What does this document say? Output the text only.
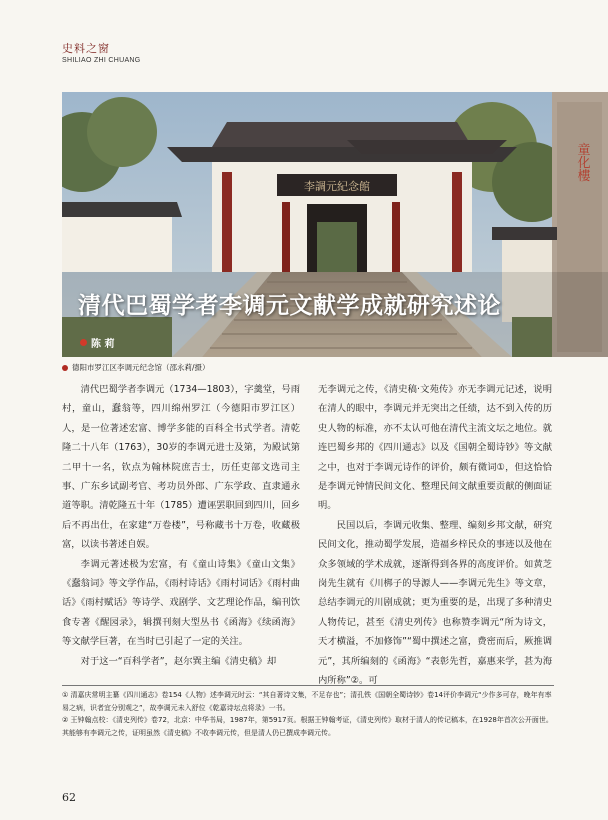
史料之窗
SHILIAO ZHI CHUANG
李調元紀念館
童化樓
清代巴蜀学者李调元文献学成就研究述论
陈 莉
德阳市罗江区李调元纪念馆（邵永莉/摄）

清代巴蜀学者李调元（1734—1803），字羹堂，号雨村，童山，蠢翁等，四川绵州罗江（今德阳市罗江区）人，是一位著述宏富、博学多能的百科全书式学者。清乾隆二十八年（1763），30岁的李调元进士及第，为殿试第二甲十一名，钦点为翰林院庶吉士，历任吏部文选司主事、广东乡试副考官、考功员外郎、广东学政、直隶通永道等职。清乾隆五十年（1785）遭诬罢职回到四川，回乡后不再出仕，在家建“万卷楼”，号称藏书十万卷，收藏极富，以读书著述自娱。

李调元著述极为宏富，有《童山诗集》《童山文集》《蠢翁词》等文学作品，《雨村诗话》《雨村词话》《雨村曲话》《雨村赋话》等诗学、戏剧学、文艺理论作品，编刊饮食专著《醒园录》，辑撰刊刻大型丛书《函海》《续函海》等文献学巨著，在当时已引起了一定的关注。

对于这一“百科学者”，赵尔巽主编《清史稿》却

无李调元之传，《清史稿·文苑传》亦无李调元记述，说明在清人的眼中，李调元并无突出之任绩，达不到入传的历史人物的标准，亦不太认可他在清代主流文坛之地位。就连巴蜀乡邦的《四川通志》以及《国朝全蜀诗钞》等文献之中，也对于李调元诗作的评价，颇有微词①，但这恰恰是李调元钟情民间文化、整理民间文献重要贡献的侧面证明。

民国以后，李调元收集、整理、编刻乡邦文献，研究民间文化，推动蜀学发展，造福乡梓民众的事迹以及他在众多领域的学术成就，逐渐得到各界的高度评价。如黄芝岗先生就有《川梆子的导源人——李调元先生》等文章，总结李调元的川剧成就；更为重要的是，出现了多种清史人物传记，甚至《清史列传》也称赞李调元“所为诗文，天才横溢，不加修饰”“蜀中撰述之富，费密而后，厥推调元”，其所编刻的《函海》“表彰先哲，嘉惠来学，甚为海内所称”②。可

① 清嘉庆常明主纂《四川通志》卷154《人物》述李调元时云：“其自著诗文集，不足存也”；清孔铁《国朝全蜀诗钞》卷14评价李调元“少作多可存，晚年有率易之病，识者宜分别观之”，故李调元未入舒位《乾嘉诗坛点将录》一书。

② 王钟翰点校：《清史列传》卷72，北京：中华书局，1987年，第5917页。根据王钟翰考证，《清史列传》取材于清人的传记稿本，在1928年首次公开面世。其能够有李调元之传，证明虽然《清史稿》不收李调元传，但是清人仍已撰成李调元传。

62
